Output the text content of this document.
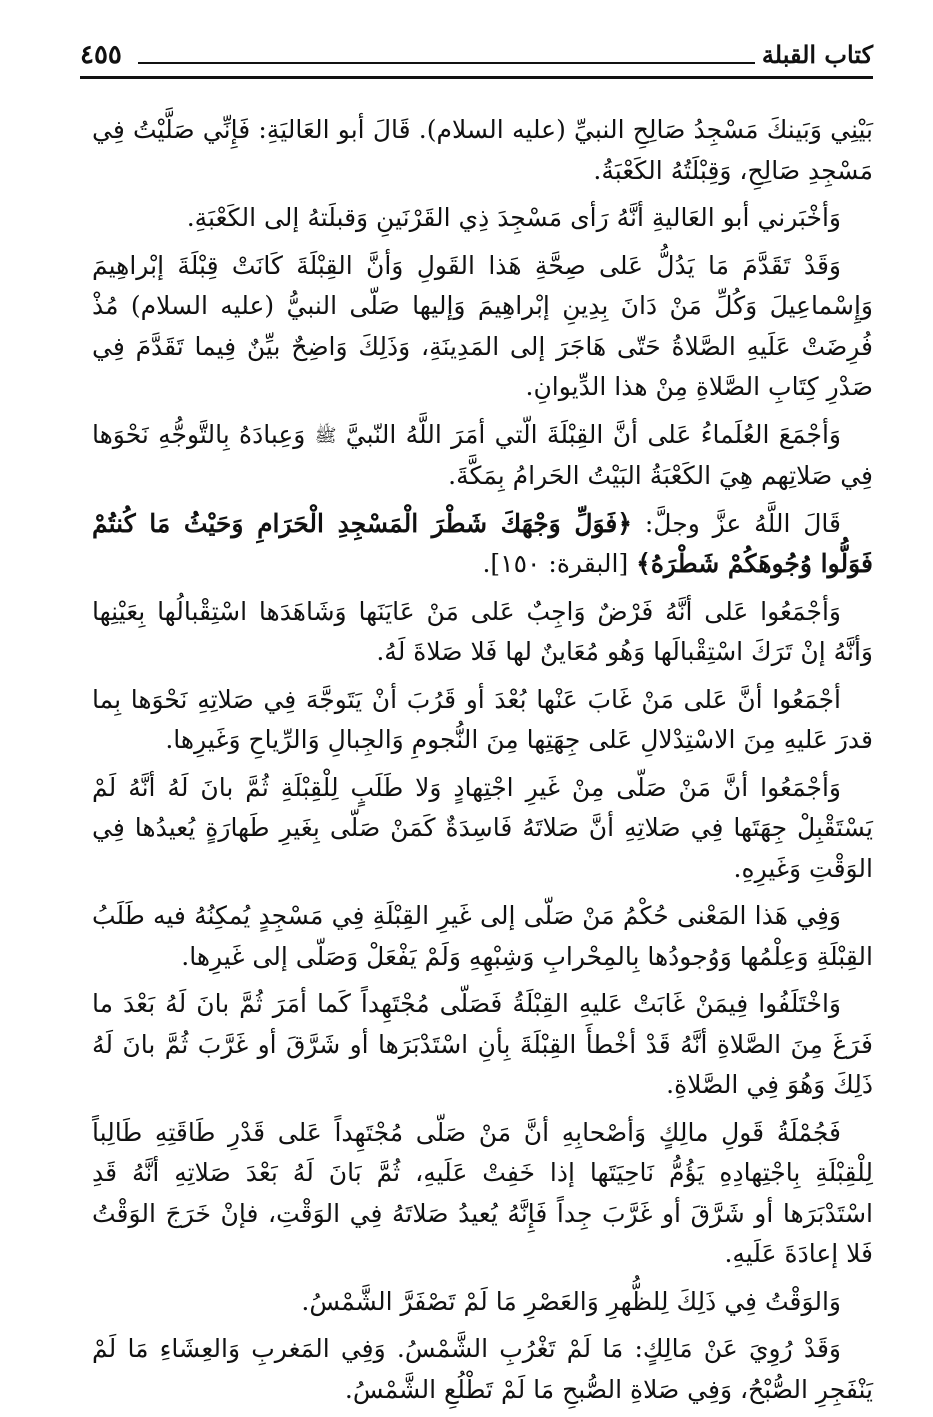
٤٥٥	كتاب القبلة

بَيْنِي وَبَينكَ مَسْجِدُ صَالِحِ النبيِّ (عليه السلام). قَالَ أبو العَاليَةِ: فَإِنِّي صَلَّيْتُ فِي مَسْجِدِ صَالِحِ، وَقِبْلَتُهُ الكَعْبَةُ.

وَأخْبَرني أبو العَاليةِ أنَّهُ رَأى مَسْجِدَ ذِي القَرْنَينِ وَقبلَتهُ إلى الكَعْبَةِ.

وَقَدْ تَقَدَّمَ مَا يَدُلُّ عَلى صِحَّةِ هَذا القَولِ وَأنَّ القِبْلَةَ كَانَتْ قِبْلَةَ إبْراهِيمَ وَإِسْماعِيلَ وَكُلِّ مَنْ دَانَ بِدِينِ إبْراهِيمَ وَإليها صَلّى النبيُّ (عليه السلام) مُذْ فُرِضَتْ عَلَيهِ الصَّلاةُ حَتّى هَاجَرَ إلى المَدِينَةِ، وَذَلِكَ وَاضِحٌ بيِّنٌ فِيما تَقَدَّمَ فِي صَدْرِ كِتَابِ الصَّلاةِ مِنْ هذا الدِّيوانِ.

وَأجْمَعَ العُلَماءُ عَلى أنَّ القِبْلَةَ الّتي أمَرَ اللَّهُ النّبيَّ ﷺ وَعِبادَهُ بِالتَّوجُّهِ نَحْوَها فِي صَلاتِهم هِيَ الكَعْبَةُ البَيْتُ الحَرامُ بِمَكَّةَ.

قَالَ اللَّهُ عزَّ وجلَّ: ﴿فَوَلِّ وَجْهَكَ شَطْرَ الْمَسْجِدِ الْحَرَامِ وَحَيْثُ مَا كُنتُمْ فَوَلُّوا وُجُوهَكُمْ شَطْرَهُ﴾ [البقرة: ١٥٠].

وَأجْمَعُوا عَلى أنَّهُ فَرْضٌ وَاجِبٌ عَلى مَنْ عَايَنَها وَشَاهَدَها اسْتِقْبالُها بِعَيْنِها وَأنَّهُ إنْ تَرَكَ اسْتِقْبالَها وَهُو مُعَاينٌ لها فَلا صَلاةَ لَهُ.

أجْمَعُوا أنَّ عَلى مَنْ غَابَ عَنْها بُعْدَ أو قَرُبَ أنْ يَتَوجَّهَ فِي صَلاتِهِ نَحْوَها بِما قدرَ عَليهِ مِنَ الاسْتِدْلالِ عَلى جِهَتِها مِنَ النُّجومِ وَالجِبالِ وَالرِّياحِ وَغَيرِها.

وَأجْمَعُوا أنَّ مَنْ صَلّى مِنْ غَيرِ اجْتِهادٍ وَلا طَلَبٍ لِلْقِبْلَةِ ثُمَّ بانَ لَهُ أنَّهُ لَمْ يَسْتَقْبِلْ جِهَتَها فِي صَلاتِهِ أنَّ صَلاتَهُ فَاسِدَةٌ كَمَنْ صَلّى بِغَيرِ طَهارَةٍ يُعيدُها فِي الوَقْتِ وَغَيرِهِ.

وَفِي هَذا المَعْنى حُكْمُ مَنْ صَلّى إلى غَيرِ القِبْلَةِ فِي مَسْجِدٍ يُمكِنُهُ فيه طَلَبُ القِبْلَةِ وَعِلْمُها وَوُجودُها بِالمِحْرابِ وَشِبْهِهِ وَلَمْ يَفْعَلْ وَصَلّى إلى غَيرِها.

وَاخْتَلَفُوا فِيمَنْ غَابَتْ عَليهِ القِبْلَةُ فَصَلّى مُجْتَهِداً كَما أمَرَ ثُمَّ بانَ لَهُ بَعْدَ ما فَرَغَ مِنَ الصَّلاةِ أنَّهُ قَدْ أخْطأَ القِبْلَةَ بِأنِ اسْتَدْبَرَها أو شَرَّقَ أو غَرَّبَ ثُمَّ بانَ لَهُ ذَلِكَ وَهُوَ فِي الصَّلاةِ.

فَجُمْلَةُ قَولِ مالِكٍ وَأصْحابِهِ أنَّ مَنْ صَلّى مُجْتَهِداً عَلى قَدْرِ طَاقَتِهِ طَالِباً لِلْقِبْلَةِ بِاجْتِهادِهِ يَؤُمُّ نَاحِيَتَها إذا خَفِتْ عَلَيهِ، ثُمَّ بَانَ لَهُ بَعْدَ صَلاتِهِ أنَّهُ قَدِ اسْتَدْبَرَها أو شَرَّقَ أو غَرَّبَ جِداً فَإِنَّهُ يُعيدُ صَلاتَهُ فِي الوَقْتِ، فإنْ خَرَجَ الوَقْتُ فَلا إعادَةَ عَلَيهِ.

وَالوَقْتُ فِي ذَلِكَ لِلظُّهرِ وَالعَصْرِ مَا لَمْ تَصْفَرَّ الشَّمْسُ.

وَقَدْ رُوِيَ عَنْ مَالِكٍ: مَا لَمْ تَغْرُبِ الشَّمْسُ. وَفِي المَغربِ وَالعِشَاءِ مَا لَمْ يَنْفَجِرِ الصُّبْحُ، وَفِي صَلاةِ الصُّبحِ مَا لَمْ تَطْلُعِ الشَّمْسُ.
